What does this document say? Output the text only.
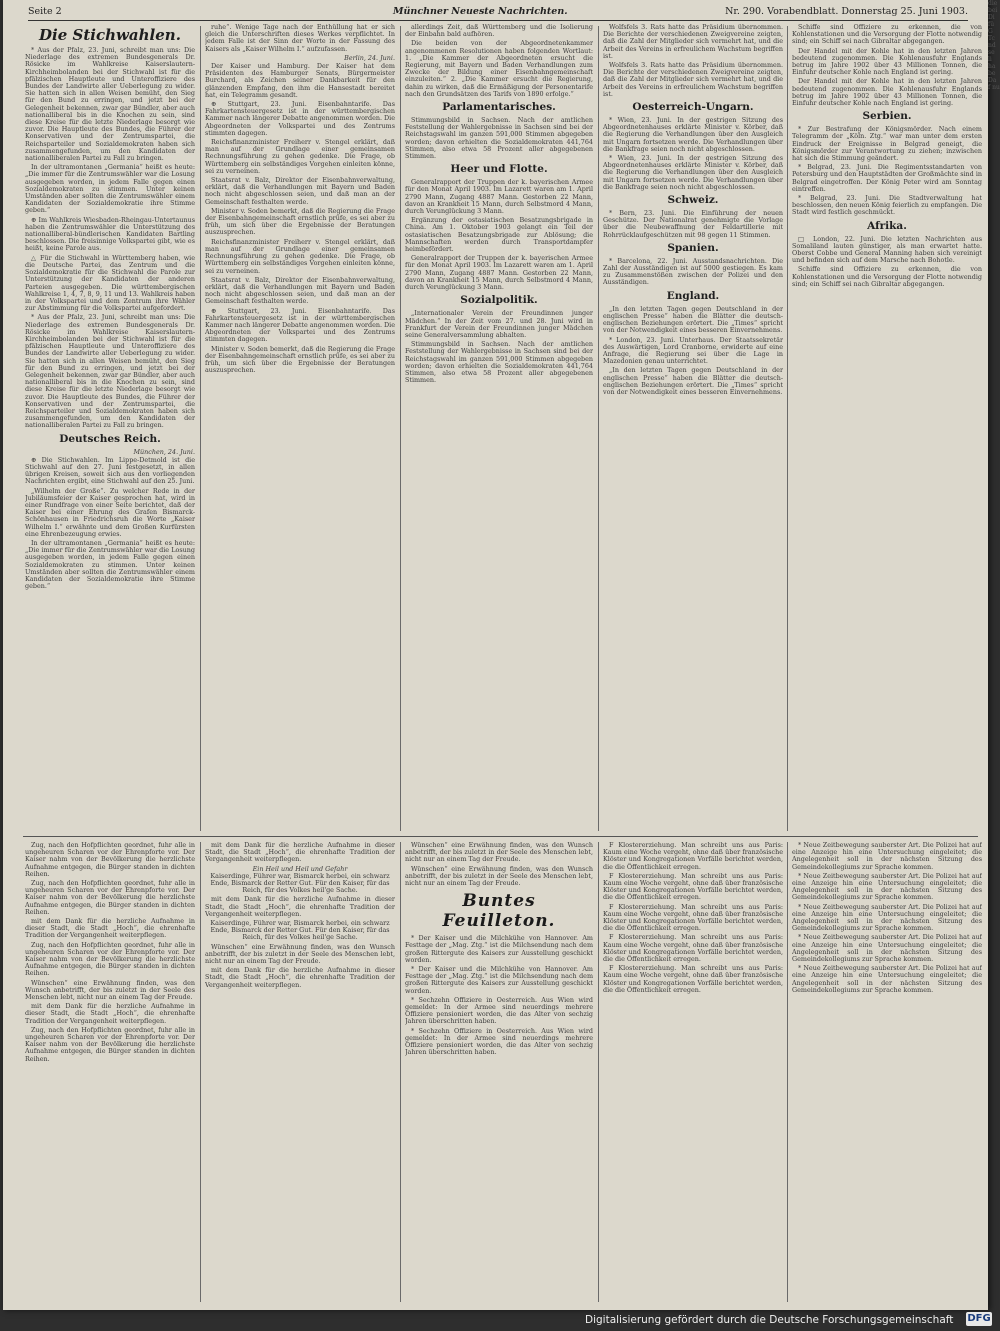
Seite 2	Münchner Neueste Nachrichten.	Nr. 290. Vorabendblatt. Donnerstag 25. Juni 1903.
Die Stichwahlen.

* Aus der Pfalz, 23. Juni, schreibt man uns: Die Niederlage des extremen Bundesgenerals Dr. Rösicke im Wahlkreise Kaiserslautern-Kirchheimbolanden bei der Stichwahl ist für die pfälzischen Hauptleute und Unteroffiziere des Bundes der Landwirte aller Ueberlegung zu wider. Sie hatten sich in allen Weisen bemüht, den Sieg für den Bund zu erringen, und jetzt bei der Gelegenheit bekennen, zwar gar Bündler, aber auch nationalliberal bis in die Knochen zu sein, sind diese Kreise für die letzte Niederlage besorgt wie zuvor. Die Hauptleute des Bundes, die Führer der Konservativen und der Zentrumspartei, die Reichsparteiler und Sozialdemokraten haben sich zusammengefunden, um den Kandidaten der nationalliberalen Partei zu Fall zu bringen.

In der ultramontanen „Germania“ heißt es heute: „Die immer für die Zentrumswähler war die Losung ausgegeben worden, in jedem Falle gegen einen Sozialdemokraten zu stimmen. Unter keinen Umständen aber sollten die Zentrumswähler einem Kandidaten der Sozialdemokratie ihre Stimme geben.“

⊕ Im Wahlkreis Wiesbaden-Rheingau-Untertaunus haben die Zentrumswähler die Unterstützung des nationalliberal-bündlerischen Kandidaten Bartling beschlossen. Die freisinnige Volkspartei gibt, wie es heißt, keine Parole aus.

△ Für die Stichwahl in Württemberg haben, wie die Deutsche Partei, das Zentrum und die Sozialdemokratie für die Stichwahl die Parole zur Unterstützung der Kandidaten der anderen Parteien ausgegeben. Die württembergischen Wahlkreise 1, 4, 7, 8, 9, 11 und 13. Wahlkreis haben in der Volkspartei und dem Zentrum ihre Wähler zur Abstimmung für die Volkspartei aufgefordert.

* Aus der Pfalz, 23. Juni, schreibt man uns: Die Niederlage des extremen Bundesgenerals Dr. Rösicke im Wahlkreise Kaiserslautern-Kirchheimbolanden bei der Stichwahl ist für die pfälzischen Hauptleute und Unteroffiziere des Bundes der Landwirte aller Ueberlegung zu wider. Sie hatten sich in allen Weisen bemüht, den Sieg für den Bund zu erringen, und jetzt bei der Gelegenheit bekennen, zwar gar Bündler, aber auch nationalliberal bis in die Knochen zu sein, sind diese Kreise für die letzte Niederlage besorgt wie zuvor. Die Hauptleute des Bundes, die Führer der Konservativen und der Zentrumspartei, die Reichsparteiler und Sozialdemokraten haben sich zusammengefunden, um den Kandidaten der nationalliberalen Partei zu Fall zu bringen.

Deutsches Reich.
München, 24. Juni.

⊕ Die Stichwahlen. Im Lippe-Detmold ist die Stichwahl auf den 27. Juni festgesetzt, in allen übrigen Kreisen, soweit sich aus den vorliegenden Nachrichten ergibt, eine Stichwahl auf den 25. Juni.

„Wilhelm der Große“. Zu welcher Rede in der Jubiläumsfeier der Kaiser gesprochen hat, wird in einer Rundfrage von einer Seite berichtet, daß der Kaiser bei einer Ehrung des Grafen Bismarck-Schönhausen in Friedrichsruh die Worte „Kaiser Wilhelm I.“ erwähnte und dem Großen Kurfürsten eine Ehrenbezeugung erwies.

In der ultramontanen „Germania“ heißt es heute: „Die immer für die Zentrumswähler war die Losung ausgegeben worden, in jedem Falle gegen einen Sozialdemokraten zu stimmen. Unter keinen Umständen aber sollten die Zentrumswähler einem Kandidaten der Sozialdemokratie ihre Stimme geben.“

ruhe“. Wenige Tage nach der Enthüllung hat er sich gleich die Unterschriften dieses Werkes verpflichtet. In jedem Falle ist der Sinn der Worte in der Fassung des Kaisers als „Kaiser Wilhelm I.“ aufzufassen.

Berlin, 24. Juni.

Der Kaiser und Hamburg. Der Kaiser hat dem Präsidenten des Hamburger Senats, Bürgermeister Burchard, als Zeichen seiner Dankbarkeit für den glänzenden Empfang, den ihm die Hansestadt bereitet hat, ein Telegramm gesandt.

⊕ Stuttgart, 23. Juni. Eisenbahntarife. Das Fahrkartensteuergesetz ist in der württembergischen Kammer nach längerer Debatte angenommen worden. Die Abgeordneten der Volkspartei und des Zentrums stimmten dagegen.

Reichsfinanzminister Freiherr v. Stengel erklärt, daß man auf der Grundlage einer gemeinsamen Rechnungsführung zu gehen gedenke. Die Frage, ob Württemberg ein selbständiges Vorgehen einleiten könne, sei zu verneinen.

Staatsrat v. Balz, Direktor der Eisenbahnverwaltung, erklärt, daß die Verhandlungen mit Bayern und Baden noch nicht abgeschlossen seien, und daß man an der Gemeinschaft festhalten werde.

Minister v. Soden bemerkt, daß die Regierung die Frage der Eisenbahngemeinschaft ernstlich prüfe, es sei aber zu früh, um sich über die Ergebnisse der Beratungen auszusprechen.

Reichsfinanzminister Freiherr v. Stengel erklärt, daß man auf der Grundlage einer gemeinsamen Rechnungsführung zu gehen gedenke. Die Frage, ob Württemberg ein selbständiges Vorgehen einleiten könne, sei zu verneinen.

Staatsrat v. Balz, Direktor der Eisenbahnverwaltung, erklärt, daß die Verhandlungen mit Bayern und Baden noch nicht abgeschlossen seien, und daß man an der Gemeinschaft festhalten werde.

⊕ Stuttgart, 23. Juni. Eisenbahntarife. Das Fahrkartensteuergesetz ist in der württembergischen Kammer nach längerer Debatte angenommen worden. Die Abgeordneten der Volkspartei und des Zentrums stimmten dagegen.

Minister v. Soden bemerkt, daß die Regierung die Frage der Eisenbahngemeinschaft ernstlich prüfe, es sei aber zu früh, um sich über die Ergebnisse der Beratungen auszusprechen.

allerdings Zeit, daß Württemberg und die Isolierung der Einbahn bald aufhören.

Die beiden von der Abgeordnetenkammer angenommenen Resolutionen haben folgenden Wortlaut: 1. „Die Kammer der Abgeordneten ersucht die Regierung, mit Bayern und Baden Verhandlungen zum Zwecke der Bildung einer Eisenbahngemeinschaft einzuleiten.“ 2. „Die Kammer ersucht die Regierung, dahin zu wirken, daß die Ermäßigung der Personentarife nach den Grundsätzen des Tarifs von 1890 erfolge.“

Parlamentarisches.

Stimmungsbild in Sachsen. Nach der amtlichen Feststellung der Wahlergebnisse in Sachsen sind bei der Reichstagswahl im ganzen 591,000 Stimmen abgegeben worden; davon erhielten die Sozialdemokraten 441,764 Stimmen, also etwa 58 Prozent aller abgegebenen Stimmen.

Heer und Flotte.

Generalrapport der Truppen der k. bayerischen Armee für den Monat April 1903. Im Lazarett waren am 1. April 2790 Mann, Zugang 4887 Mann. Gestorben 22 Mann, davon an Krankheit 15 Mann, durch Selbstmord 4 Mann, durch Verunglückung 3 Mann.

Ergänzung der ostasiatischen Besatzungsbrigade in China. Am 1. Oktober 1903 gelangt ein Teil der ostasiatischen Besatzungsbrigade zur Ablösung; die Mannschaften werden durch Transportdampfer heimbefördert.

Generalrapport der Truppen der k. bayerischen Armee für den Monat April 1903. Im Lazarett waren am 1. April 2790 Mann, Zugang 4887 Mann. Gestorben 22 Mann, davon an Krankheit 15 Mann, durch Selbstmord 4 Mann, durch Verunglückung 3 Mann.

Sozialpolitik.

„Internationaler Verein der Freundinnen junger Mädchen.“ In der Zeit vom 27. und 28. Juni wird in Frankfurt der Verein der Freundinnen junger Mädchen seine Generalversammlung abhalten.

Stimmungsbild in Sachsen. Nach der amtlichen Feststellung der Wahlergebnisse in Sachsen sind bei der Reichstagswahl im ganzen 591,000 Stimmen abgegeben worden; davon erhielten die Sozialdemokraten 441,764 Stimmen, also etwa 58 Prozent aller abgegebenen Stimmen.

Wolfsfels 3. Rats hatte das Präsidium übernommen. Die Berichte der verschiedenen Zweigvereine zeigten, daß die Zahl der Mitglieder sich vermehrt hat, und die Arbeit des Vereins in erfreulichem Wachstum begriffen ist.

Wolfsfels 3. Rats hatte das Präsidium übernommen. Die Berichte der verschiedenen Zweigvereine zeigten, daß die Zahl der Mitglieder sich vermehrt hat, und die Arbeit des Vereins in erfreulichem Wachstum begriffen ist.

Oesterreich-Ungarn.

* Wien, 23. Juni. In der gestrigen Sitzung des Abgeordnetenhauses erklärte Minister v. Körber, daß die Regierung die Verhandlungen über den Ausgleich mit Ungarn fortsetzen werde. Die Verhandlungen über die Bankfrage seien noch nicht abgeschlossen.

* Wien, 23. Juni. In der gestrigen Sitzung des Abgeordnetenhauses erklärte Minister v. Körber, daß die Regierung die Verhandlungen über den Ausgleich mit Ungarn fortsetzen werde. Die Verhandlungen über die Bankfrage seien noch nicht abgeschlossen.

Schweiz.

* Bern, 23. Juni. Die Einführung der neuen Geschütze. Der Nationalrat genehmigte die Vorlage über die Neubewaffnung der Feldartillerie mit Rohrrücklaufgeschützen mit 98 gegen 11 Stimmen.

Spanien.

* Barcelona, 22. Juni. Ausstandsnachrichten. Die Zahl der Ausständigen ist auf 5000 gestiegen. Es kam zu Zusammenstößen zwischen der Polizei und den Ausständigen.

England.

„In den letzten Tagen gegen Deutschland in der englischen Presse“ haben die Blätter die deutsch-englischen Beziehungen erörtert. Die „Times“ spricht von der Notwendigkeit eines besseren Einvernehmens.

* London, 23. Juni. Unterhaus. Der Staatssekretär des Auswärtigen, Lord Cranborne, erwiderte auf eine Anfrage, die Regierung sei über die Lage in Mazedonien genau unterrichtet.

„In den letzten Tagen gegen Deutschland in der englischen Presse“ haben die Blätter die deutsch-englischen Beziehungen erörtert. Die „Times“ spricht von der Notwendigkeit eines besseren Einvernehmens.

Schiffe sind Offiziere zu erkennen, die von Kohlenstationen und die Versorgung der Flotte notwendig sind; ein Schiff sei nach Gibraltar abgegangen.

Der Handel mit der Kohle hat in den letzten Jahren bedeutend zugenommen. Die Kohlenausfuhr Englands betrug im Jahre 1902 über 43 Millionen Tonnen, die Einfuhr deutscher Kohle nach England ist gering.

Der Handel mit der Kohle hat in den letzten Jahren bedeutend zugenommen. Die Kohlenausfuhr Englands betrug im Jahre 1902 über 43 Millionen Tonnen, die Einfuhr deutscher Kohle nach England ist gering.

Serbien.

* Zur Bestrafung der Königsmörder. Nach einem Telegramm der „Köln. Ztg.“ war man unter dem ersten Eindruck der Ereignisse in Belgrad geneigt, die Königsmörder zur Verantwortung zu ziehen; inzwischen hat sich die Stimmung geändert.

* Belgrad, 23. Juni. Die Regimentsstandarten von Petersburg und den Hauptstädten der Großmächte sind in Belgrad eingetroffen. Der König Peter wird am Sonntag eintreffen.

* Belgrad, 23. Juni. Die Stadtverwaltung hat beschlossen, den neuen König feierlich zu empfangen. Die Stadt wird festlich geschmückt.

Afrika.

□ London, 22. Juni. Die letzten Nachrichten aus Somaliland lauten günstiger, als man erwartet hatte. Oberst Cobbe und General Manning haben sich vereinigt und befinden sich auf dem Marsche nach Bohotle.

Schiffe sind Offiziere zu erkennen, die von Kohlenstationen und die Versorgung der Flotte notwendig sind; ein Schiff sei nach Gibraltar abgegangen.

Zug, nach den Hofpflichten geordnet, fuhr alle in ungeheuren Scharen vor der Ehrenpforte vor. Der Kaiser nahm von der Bevölkerung die herzlichste Aufnahme entgegen, die Bürger standen in dichten Reihen.

Zug, nach den Hofpflichten geordnet, fuhr alle in ungeheuren Scharen vor der Ehrenpforte vor. Der Kaiser nahm von der Bevölkerung die herzlichste Aufnahme entgegen, die Bürger standen in dichten Reihen.

mit dem Dank für die herzliche Aufnahme in dieser Stadt, die Stadt „Hoch“, die ehrenhafte Tradition der Vergangenheit weiterpflegen.

Zug, nach den Hofpflichten geordnet, fuhr alle in ungeheuren Scharen vor der Ehrenpforte vor. Der Kaiser nahm von der Bevölkerung die herzlichste Aufnahme entgegen, die Bürger standen in dichten Reihen.

Wünschen“ eine Erwähnung finden, was den Wunsch anbetrifft, der bis zuletzt in der Seele des Menschen lebt, nicht nur an einem Tag der Freude.

mit dem Dank für die herzliche Aufnahme in dieser Stadt, die Stadt „Hoch“, die ehrenhafte Tradition der Vergangenheit weiterpflegen.

Zug, nach den Hofpflichten geordnet, fuhr alle in ungeheuren Scharen vor der Ehrenpforte vor. Der Kaiser nahm von der Bevölkerung die herzlichste Aufnahme entgegen, die Bürger standen in dichten Reihen.

mit dem Dank für die herzliche Aufnahme in dieser Stadt, die Stadt „Hoch“, die ehrenhafte Tradition der Vergangenheit weiterpflegen.

Ein Heil und Heil und Gefahr

Kaiserdinge, Führer war, Bismarck herbei, ein schwarz Ende, Bismarck der Retter Gut. Für den Kaiser, für das Reich, für des Volkes heil'ge Sache.

mit dem Dank für die herzliche Aufnahme in dieser Stadt, die Stadt „Hoch“, die ehrenhafte Tradition der Vergangenheit weiterpflegen.

Kaiserdinge, Führer war, Bismarck herbei, ein schwarz Ende, Bismarck der Retter Gut. Für den Kaiser, für das Reich, für des Volkes heil'ge Sache.

Wünschen“ eine Erwähnung finden, was den Wunsch anbetrifft, der bis zuletzt in der Seele des Menschen lebt, nicht nur an einem Tag der Freude.

mit dem Dank für die herzliche Aufnahme in dieser Stadt, die Stadt „Hoch“, die ehrenhafte Tradition der Vergangenheit weiterpflegen.

Wünschen“ eine Erwähnung finden, was den Wunsch anbetrifft, der bis zuletzt in der Seele des Menschen lebt, nicht nur an einem Tag der Freude.

Wünschen“ eine Erwähnung finden, was den Wunsch anbetrifft, der bis zuletzt in der Seele des Menschen lebt, nicht nur an einem Tag der Freude.

Buntes Feuilleton.

* Der Kaiser und die Milchkühe von Hannover. Am Festtage der „Mag. Ztg.“ ist die Milchsendung nach dem großen Rittergute des Kaisers zur Ausstellung geschickt worden.

* Der Kaiser und die Milchkühe von Hannover. Am Festtage der „Mag. Ztg.“ ist die Milchsendung nach dem großen Rittergute des Kaisers zur Ausstellung geschickt worden.

* Sechzehn Offiziere in Oesterreich. Aus Wien wird gemeldet: In der Armee sind neuerdings mehrere Offiziere pensioniert worden, die das Alter von sechzig Jahren überschritten haben.

* Sechzehn Offiziere in Oesterreich. Aus Wien wird gemeldet: In der Armee sind neuerdings mehrere Offiziere pensioniert worden, die das Alter von sechzig Jahren überschritten haben.

F Klostererziehung. Man schreibt uns aus Paris: Kaum eine Woche vergeht, ohne daß über französische Klöster und Kongregationen Vorfälle berichtet werden, die die Öffentlichkeit erregen.

F Klostererziehung. Man schreibt uns aus Paris: Kaum eine Woche vergeht, ohne daß über französische Klöster und Kongregationen Vorfälle berichtet werden, die die Öffentlichkeit erregen.

F Klostererziehung. Man schreibt uns aus Paris: Kaum eine Woche vergeht, ohne daß über französische Klöster und Kongregationen Vorfälle berichtet werden, die die Öffentlichkeit erregen.

F Klostererziehung. Man schreibt uns aus Paris: Kaum eine Woche vergeht, ohne daß über französische Klöster und Kongregationen Vorfälle berichtet werden, die die Öffentlichkeit erregen.

F Klostererziehung. Man schreibt uns aus Paris: Kaum eine Woche vergeht, ohne daß über französische Klöster und Kongregationen Vorfälle berichtet werden, die die Öffentlichkeit erregen.

* Neue Zeitbewegung sauberster Art. Die Polizei hat auf eine Anzeige hin eine Untersuchung eingeleitet; die Angelegenheit soll in der nächsten Sitzung des Gemeindekollegiums zur Sprache kommen.

* Neue Zeitbewegung sauberster Art. Die Polizei hat auf eine Anzeige hin eine Untersuchung eingeleitet; die Angelegenheit soll in der nächsten Sitzung des Gemeindekollegiums zur Sprache kommen.

* Neue Zeitbewegung sauberster Art. Die Polizei hat auf eine Anzeige hin eine Untersuchung eingeleitet; die Angelegenheit soll in der nächsten Sitzung des Gemeindekollegiums zur Sprache kommen.

* Neue Zeitbewegung sauberster Art. Die Polizei hat auf eine Anzeige hin eine Untersuchung eingeleitet; die Angelegenheit soll in der nächsten Sitzung des Gemeindekollegiums zur Sprache kommen.

* Neue Zeitbewegung sauberster Art. Die Polizei hat auf eine Anzeige hin eine Untersuchung eingeleitet; die Angelegenheit soll in der nächsten Sitzung des Gemeindekollegiums zur Sprache kommen.

die bei Di fü G Tc nd se li ha be Da f nu
Digitalisierung gefördert durch die Deutsche Forschungsgemeinschaft DFG
